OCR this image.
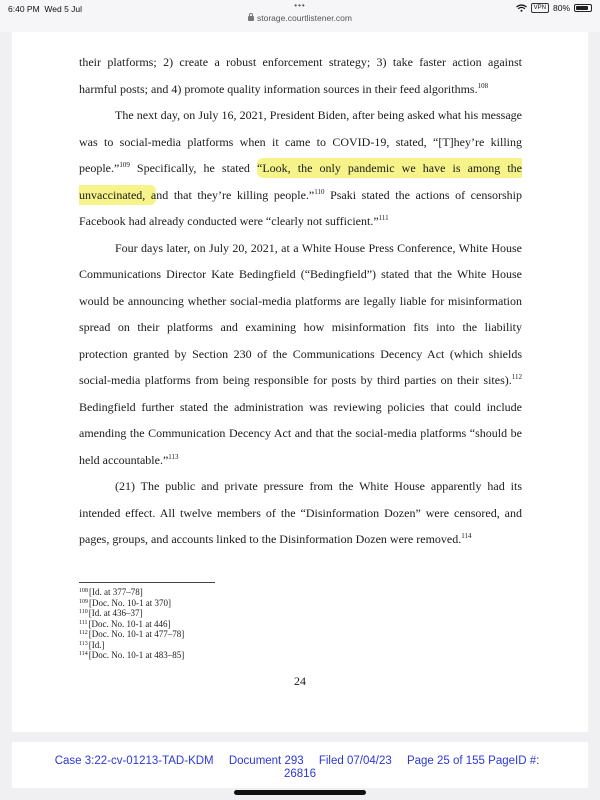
6:40 PM Wed 5 Jul	•••
storage.courtlistener.com
VPN 80%

their platforms; 2) create a robust enforcement strategy; 3) take faster action against harmful posts; and 4) promote quality information sources in their feed algorithms.$^{108}$

The next day, on July 16, 2021, President Biden, after being asked what his message was to social-media platforms when it came to COVID-19, stated, “[T]hey’re killing people.”$^{109}$ Specifically, he stated “Look, the only pandemic we have is among the unvaccinated, and that they’re killing people.”$^{110}$ Psaki stated the actions of censorship Facebook had already conducted were “clearly not sufficient.”$^{111}$

Four days later, on July 20, 2021, at a White House Press Conference, White House Communications Director Kate Bedingfield (“Bedingfield”) stated that the White House would be announcing whether social-media platforms are legally liable for misinformation spread on their platforms and examining how misinformation fits into the liability protection granted by Section 230 of the Communications Decency Act (which shields social-media platforms from being responsible for posts by third parties on their sites).$^{112}$ Bedingfield further stated the administration was reviewing policies that could include amending the Communication Decency Act and that the social-media platforms “should be held accountable.”$^{113}$

(21) The public and private pressure from the White House apparently had its intended effect. All twelve members of the “Disinformation Dozen” were censored, and pages, groups, and accounts linked to the Disinformation Dozen were removed.$^{114}$

$^{108}$[Id. at 377–78]
$^{109}$[Doc. No. 10-1 at 370]
$^{110}$[Id. at 436–37]
$^{111}$[Doc. No. 10-1 at 446]
$^{112}$[Doc. No. 10-1 at 477–78]
$^{113}$[Id.]
$^{114}$[Doc. No. 10-1 at 483–85]
24
Case 3:22-cv-01213-TAD-KDM Document 293 Filed 07/04/23 Page 25 of 155 PageID #:
26816
